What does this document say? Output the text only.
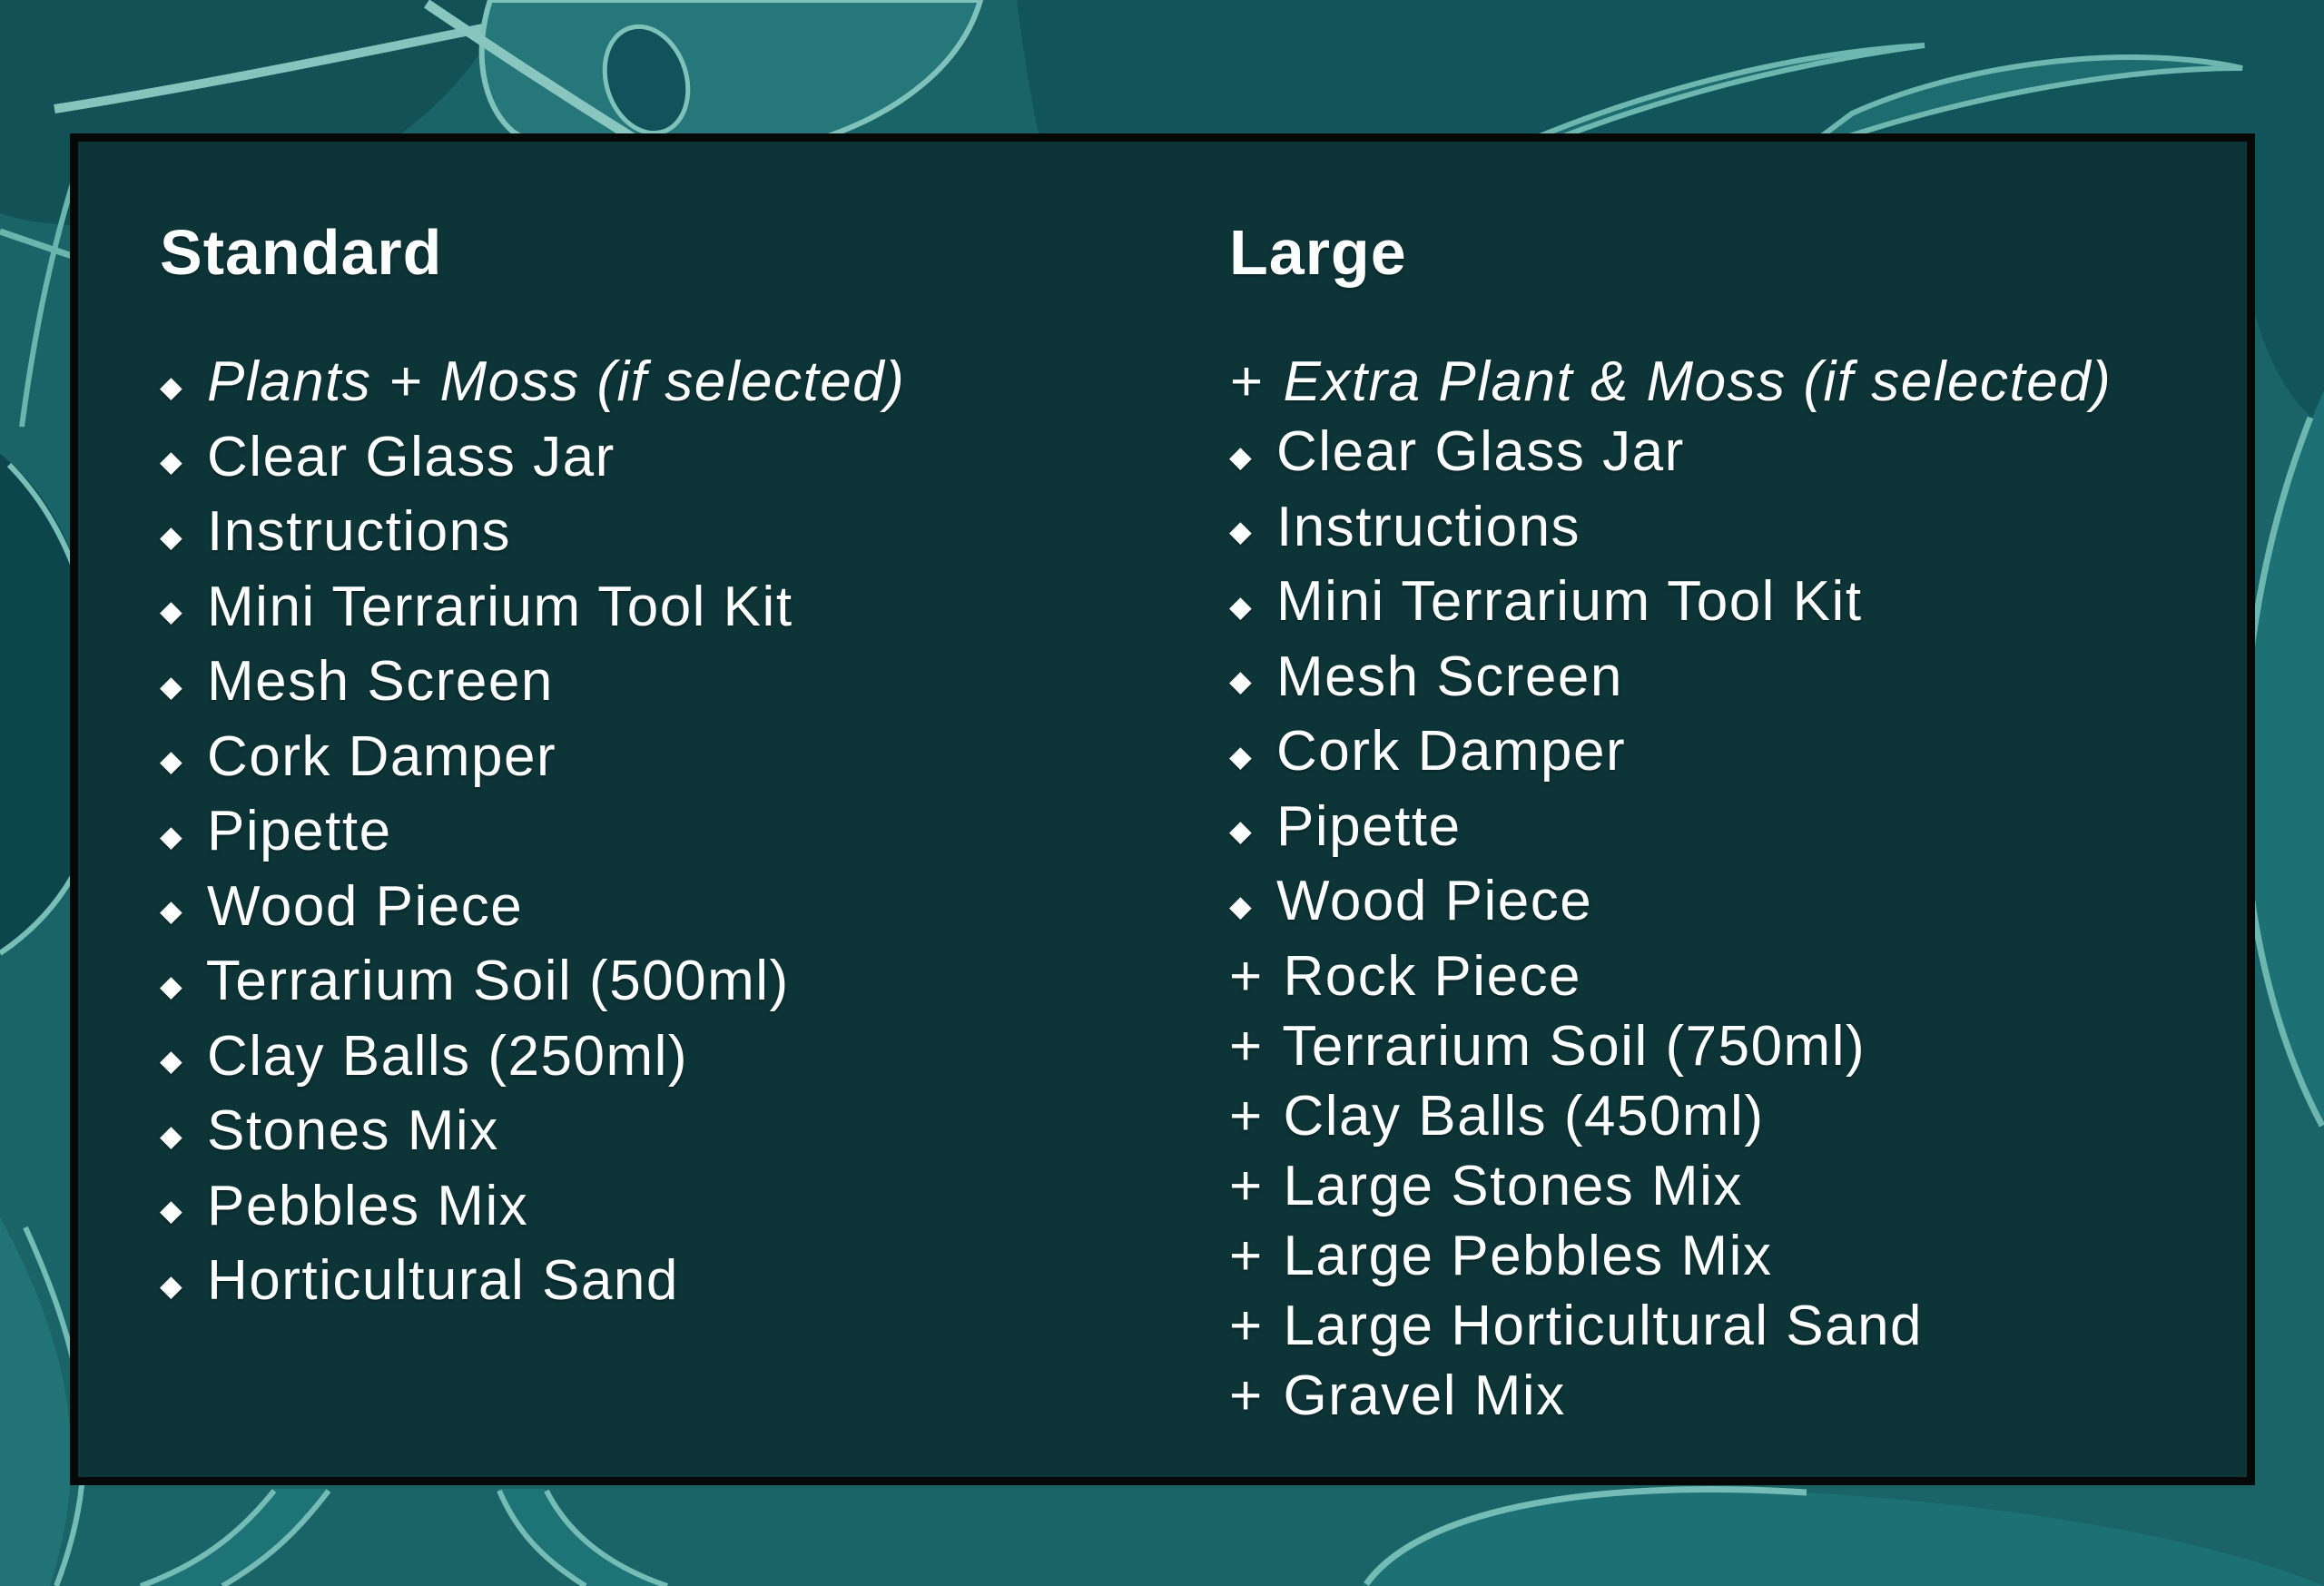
Standard
◆ Plants + Moss (if selected)
◆ Clear Glass Jar
◆ Instructions
◆ Mini Terrarium Tool Kit
◆ Mesh Screen
◆ Cork Damper
◆ Pipette
◆ Wood Piece
◆ Terrarium Soil (500ml)
◆ Clay Balls (250ml)
◆ Stones Mix
◆ Pebbles Mix
◆ Horticultural Sand
Large
+ Extra Plant & Moss (if selected)
◆ Clear Glass Jar
◆ Instructions
◆ Mini Terrarium Tool Kit
◆ Mesh Screen
◆ Cork Damper
◆ Pipette
◆ Wood Piece
+ Rock Piece
+ Terrarium Soil (750ml)
+ Clay Balls (450ml)
+ Large Stones Mix
+ Large Pebbles Mix
+ Large Horticultural Sand
+ Gravel Mix
